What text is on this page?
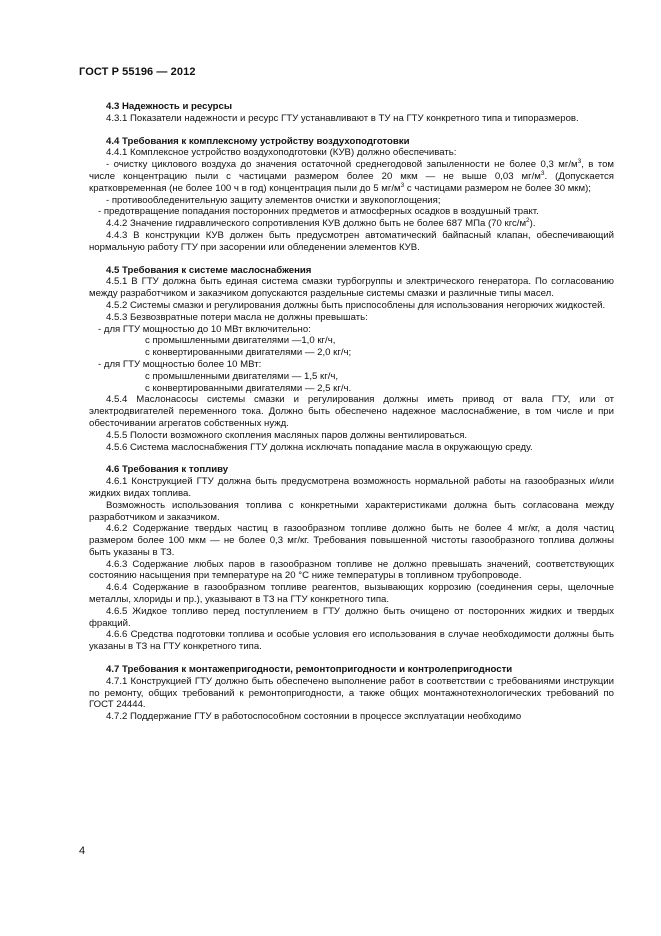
ГОСТ Р 55196 — 2012

4.3 Надежность и ресурсы

4.3.1 Показатели надежности и ресурс ГТУ устанавливают в ТУ на ГТУ конкретного типа и типоразмеров.

4.4 Требования к комплексному устройству воздухоподготовки

4.4.1 Комплексное устройство воздухоподготовки (КУВ) должно обеспечивать:

- очистку циклового воздуха до значения остаточной среднегодовой запыленности не более 0,3 $мг/м^3$, в том числе концентрацию пыли с частицами размером более 20 мкм — не выше 0,03 $мг/м^3$. (Допускается кратковременная (не более 100 ч в год) концентрация пыли до 5 $мг/м^3$ с частицами размером не более 30 мкм);

- противообледенительную защиту элементов очистки и звукопоглощения;

- предотвращение попадания посторонних предметов и атмосферных осадков в воздушный тракт.

4.4.2 Значение гидравлического сопротивления КУВ должно быть не более 687 МПа (70 кгс/$м^2$).

4.4.3 В конструкции КУВ должен быть предусмотрен автоматический байпасный клапан, обеспечивающий нормальную работу ГТУ при засорении или обледенении элементов КУВ.

4.5 Требования к системе маслоснабжения

4.5.1 В ГТУ должна быть единая система смазки турбогруппы и электрического генератора. По согласованию между разработчиком и заказчиком допускаются раздельные системы смазки и различные типы масел.

4.5.2 Системы смазки и регулирования должны быть приспособлены для использования негорючих жидкостей.

4.5.3 Безвозвратные потери масла не должны превышать:

- для ГТУ мощностью до 10 МВт включительно:

с промышленными двигателями —1,0 кг/ч,

с конвертированными двигателями — 2,0 кг/ч;

- для ГТУ мощностью более 10 МВт:

с промышленными двигателями — 1,5 кг/ч,

с конвертированными двигателями — 2,5 кг/ч.

4.5.4 Маслонасосы системы смазки и регулирования должны иметь привод от вала ГТУ, или от электродвигателей переменного тока. Должно быть обеспечено надежное маслоснабжение, в том числе и при обесточивании агрегатов собственных нужд.

4.5.5 Полости возможного скопления масляных паров должны вентилироваться.

4.5.6 Система маслоснабжения ГТУ должна исключать попадание масла в окружающую среду.

4.6 Требования к топливу

4.6.1 Конструкцией ГТУ должна быть предусмотрена возможность нормальной работы на газообразных и/или жидких видах топлива.

Возможность использования топлива с конкретными характеристиками должна быть согласована между разработчиком и заказчиком.

4.6.2 Содержание твердых частиц в газообразном топливе должно быть не более 4 мг/кг, а доля частиц размером более 100 мкм — не более 0,3 мг/кг. Требования повышенной чистоты газообразного топлива должны быть указаны в ТЗ.

4.6.3 Содержание любых паров в газообразном топливе не должно превышать значений, соответствующих состоянию насыщения при температуре на 20 °С ниже температуры в топливном трубопроводе.

4.6.4 Содержание в газообразном топливе реагентов, вызывающих коррозию (соединения серы, щелочные металлы, хлориды и пр.), указывают в ТЗ на ГТУ конкретного типа.

4.6.5 Жидкое топливо перед поступлением в ГТУ должно быть очищено от посторонних жидких и твердых фракций.

4.6.6 Средства подготовки топлива и особые условия его использования в случае необходимости должны быть указаны в ТЗ на ГТУ конкретного типа.

4.7 Требования к монтажепригодности, ремонтопригодности и контролепригодности

4.7.1 Конструкцией ГТУ должно быть обеспечено выполнение работ в соответствии с требованиями инструкции по ремонту, общих требований к ремонтопригодности, а также общих монтажнотехнологических требований по ГОСТ 24444.

4.7.2 Поддержание ГТУ в работоспособном состоянии в процессе эксплуатации необходимо

4
